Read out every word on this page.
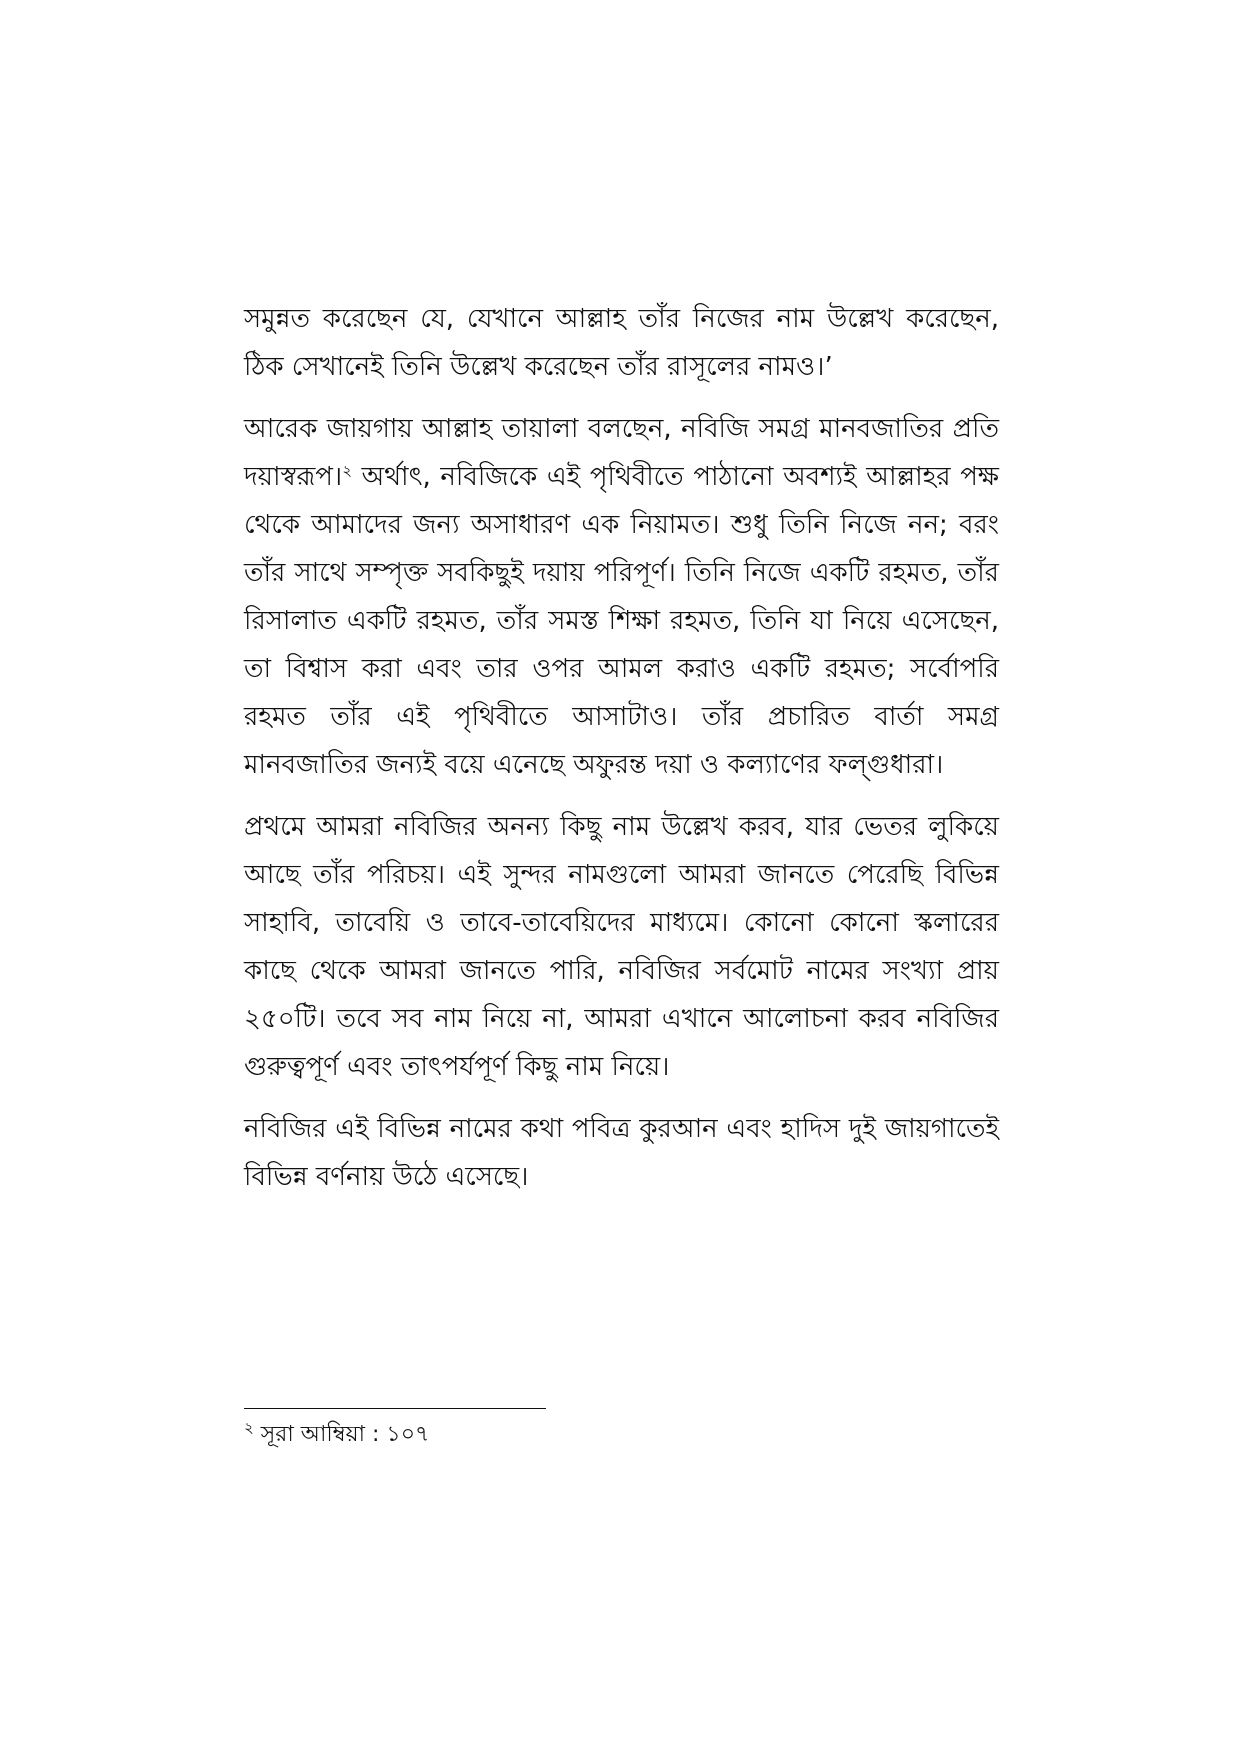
সমুন্নত করেছেন যে, যেখানে আল্লাহ তাঁর নিজের নাম উল্লেখ করেছেন, ঠিক সেখানেই তিনি উল্লেখ করেছেন তাঁর রাসূলের নামও।’

আরেক জায়গায় আল্লাহ তায়ালা বলছেন, নবিজি সমগ্র মানবজাতির প্রতি দয়াস্বরূপ।$^২$ অর্থাৎ, নবিজিকে এই পৃথিবীতে পাঠানো অবশ্যই আল্লাহর পক্ষ থেকে আমাদের জন্য অসাধারণ এক নিয়ামত। শুধু তিনি নিজে নন; বরং তাঁর সাথে সম্পৃক্ত সবকিছুই দয়ায় পরিপূর্ণ। তিনি নিজে একটি রহমত, তাঁর রিসালাত একটি রহমত, তাঁর সমস্ত শিক্ষা রহমত, তিনি যা নিয়ে এসেছেন, তা বিশ্বাস করা এবং তার ওপর আমল করাও একটি রহমত; সর্বোপরি রহমত তাঁর এই পৃথিবীতে আসাটাও। তাঁর প্রচারিত বার্তা সমগ্র মানবজাতির জন্যই বয়ে এনেছে অফুরন্ত দয়া ও কল্যাণের ফল্গুধারা।

প্রথমে আমরা নবিজির অনন্য কিছু নাম উল্লেখ করব, যার ভেতর লুকিয়ে আছে তাঁর পরিচয়। এই সুন্দর নামগুলো আমরা জানতে পেরেছি বিভিন্ন সাহাবি, তাবেয়ি ও তাবে-তাবেয়িদের মাধ্যমে। কোনো কোনো স্কলারের কাছে থেকে আমরা জানতে পারি, নবিজির সর্বমোট নামের সংখ্যা প্রায় ২৫০টি। তবে সব নাম নিয়ে না, আমরা এখানে আলোচনা করব নবিজির গুরুত্বপূর্ণ এবং তাৎপর্যপূর্ণ কিছু নাম নিয়ে।

নবিজির এই বিভিন্ন নামের কথা পবিত্র কুরআন এবং হাদিস দুই জায়গাতেই বিভিন্ন বর্ণনায় উঠে এসেছে।

$^২$ সূরা আম্বিয়া : ১০৭
